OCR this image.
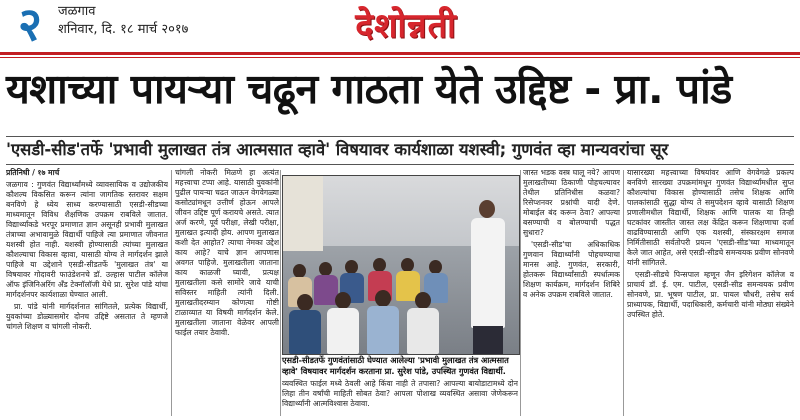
२	जळगाव
शनिवार, दि. १८ मार्च २०१७	देशोन्नती
यशाच्या पायऱ्या चढून गाठता येते उद्दिष्ट - प्रा. पांडे
'एसडी-सीड'तर्फे 'प्रभावी मुलाखत तंत्र आत्मसात व्हावे' विषयावर कार्यशाळा यशस्वी; गुणवंत व्हा मान्यवरांचा सूर

प्रतिनिधी / १७ मार्च

जळगाव : गुणवंत विद्यार्थ्यांमध्ये व्यावसायिक व उद्योजकीय कौशल्य विकसित करून त्यांना जागतिक स्तरावर सक्षम बनविणे हे ध्येय साध्य करण्यासाठी एसडी-सीडच्या माध्यमातून विविध शैक्षणिक उपक्रम राबविले जातात. विद्यार्थ्यांकडे भरपूर प्रमाणात ज्ञान असूनही प्रभावी मुलाखत तंत्राच्या अभावामुळे विद्यार्थी पाहिजे त्या प्रमाणात जीवनात यशस्वी होत नाही. यशस्वी होण्यासाठी त्यांच्या मुलाखत कौशल्याचा विकास व्हावा, यासाठी योग्य ते मार्गदर्शन झाले पाहिजे या उद्देशाने एसडी-सीडतर्फे 'मुलाखत तंत्र' या विषयावर गोदावरी फाउंडेशनचे डॉ. उल्हास पाटील कॉलेज ऑफ इंजिनिअरिंग अँड टेक्नॉलॉजी येथे प्रा. सुरेश पांडे यांचा मार्गदर्शनपर कार्यशाळा घेण्यात आली.

प्रा. पांडे यांनी मार्गदर्शनात सांगितले, प्रत्येक विद्यार्थी, युवकांच्या डोळ्यासमोर दोनच उद्दिष्टे असतात ते म्हणजे चांगले शिक्षण व चांगली नोकरी.

चांगली नोकरी मिळणे हा अत्यंत महत्त्वाचा टप्पा आहे. यासाठी युवकांनी पुढील पायऱ्या चढत जाऊन वेगवेगळ्या कसोट्यांमधून उत्तीर्ण होऊन आपले जीवन उद्दिष्ट पूर्ण करायचे असते. त्यात अर्ज करणे, पूर्व परीक्षा, लेखी परीक्षा, मुलाखत इत्यादी होय. आपण मुलाखत कशी देत आहोत? त्याचा नेमका उद्देश काय आहे? याचे ज्ञान आपणास अवगत पाहिजे. मुलाखतीला जाताना काय काळजी घ्यावी, प्रत्यक्ष मुलाखतीला कसे सामोरे जावे याची सविस्तर माहिती त्यांनी दिली. मुलाखतीदरम्यान कोणत्या गोष्टी टाळाव्यात या विषयी मार्गदर्शन केले. मुलाखतीला जाताना वेळेवर आपली फाईल तयार ठेवावी.

एसडी-सीडतर्फे गुणवंतांसाठी घेण्यात आलेल्या 'प्रभावी मुलाखत तंत्र आत्मसात व्हावे' विषयावर मार्गदर्शन करताना प्रा. सुरेश पांडे, उपस्थित गुणवंत विद्यार्थी.

व्यवस्थित फाईल मध्ये ठेवली आहे किंवा नाही ते तपासा? आपल्या बायोडाटामध्ये दोन लिहा तीन वर्षांची माहिती सोबत ठेवा? आपला पोशाख व्यवस्थित असावा जेणेकरून विद्यार्थ्यांनी आत्मविश्वास ठेवावा.

जास्त भडक वस्त्र घालू नये? आपण मुलाखतीच्या ठिकाणी पोहचल्यावर तेथील प्रतिनिधीस कळवा? रिसेप्शनवर प्रश्नांची यादी देणे. मोबाईल बंद करून ठेवा? आपल्या बसण्याची व बोलण्याची पद्धत सुधारा?

'एसडी-सीड'चा अधिकाधिक गुणवान विद्यार्थ्यांनी पोहचण्याचा मानस आहे. गुणवंत, सरकारी, होतकरू विद्यार्थ्यांसाठी स्पर्धात्मक शिक्षण कार्यक्रम, मार्गदर्शन शिबिरे व अनेक उपक्रम राबविले जातात.

यासारख्या महत्त्वाच्या विषयांवर आणि वेगवेगळे प्रकल्प बनविणे सारख्या उपक्रमांमधून गुणवंत विद्यार्थ्यांमधील सुप्त कौशल्यांचा विकास होण्यासाठी तसेच शिक्षक आणि पालकांसाठी सुद्धा योग्य ते समुपदेशन व्हावे यासाठी शिक्षण प्रणालीमधील विद्यार्थी, शिक्षक आणि पालक या तिन्ही घटकांवर जास्तीत जास्त लक्ष केंद्रित करून शिक्षणाचा दर्जा वाढविण्यासाठी आणि एक यशस्वी, संस्कारक्षम समाज निर्मितीसाठी सर्वतोपरी प्रयत्न 'एसडी-सीड'च्या माध्यमातून केले जात आहेत, असे एसडी-सीडचे समन्वयक प्रवीण सोनवणे यांनी सांगितले.

एसडी-सीडचे पिन्सपाल म्हणून जैन इरिगेशन कॉलेज व प्राचार्य डॉ. ई. एम. पाटील, एसडी-सीड समन्वयक प्रवीण सोनवणे, प्रा. भूषण पाटील, प्रा. पायल चौधरी, तसेच सर्व प्राध्यापक, विद्यार्थी, पदाधिकारी, कर्मचारी यांनी मोठ्या संख्येने उपस्थित होते.
